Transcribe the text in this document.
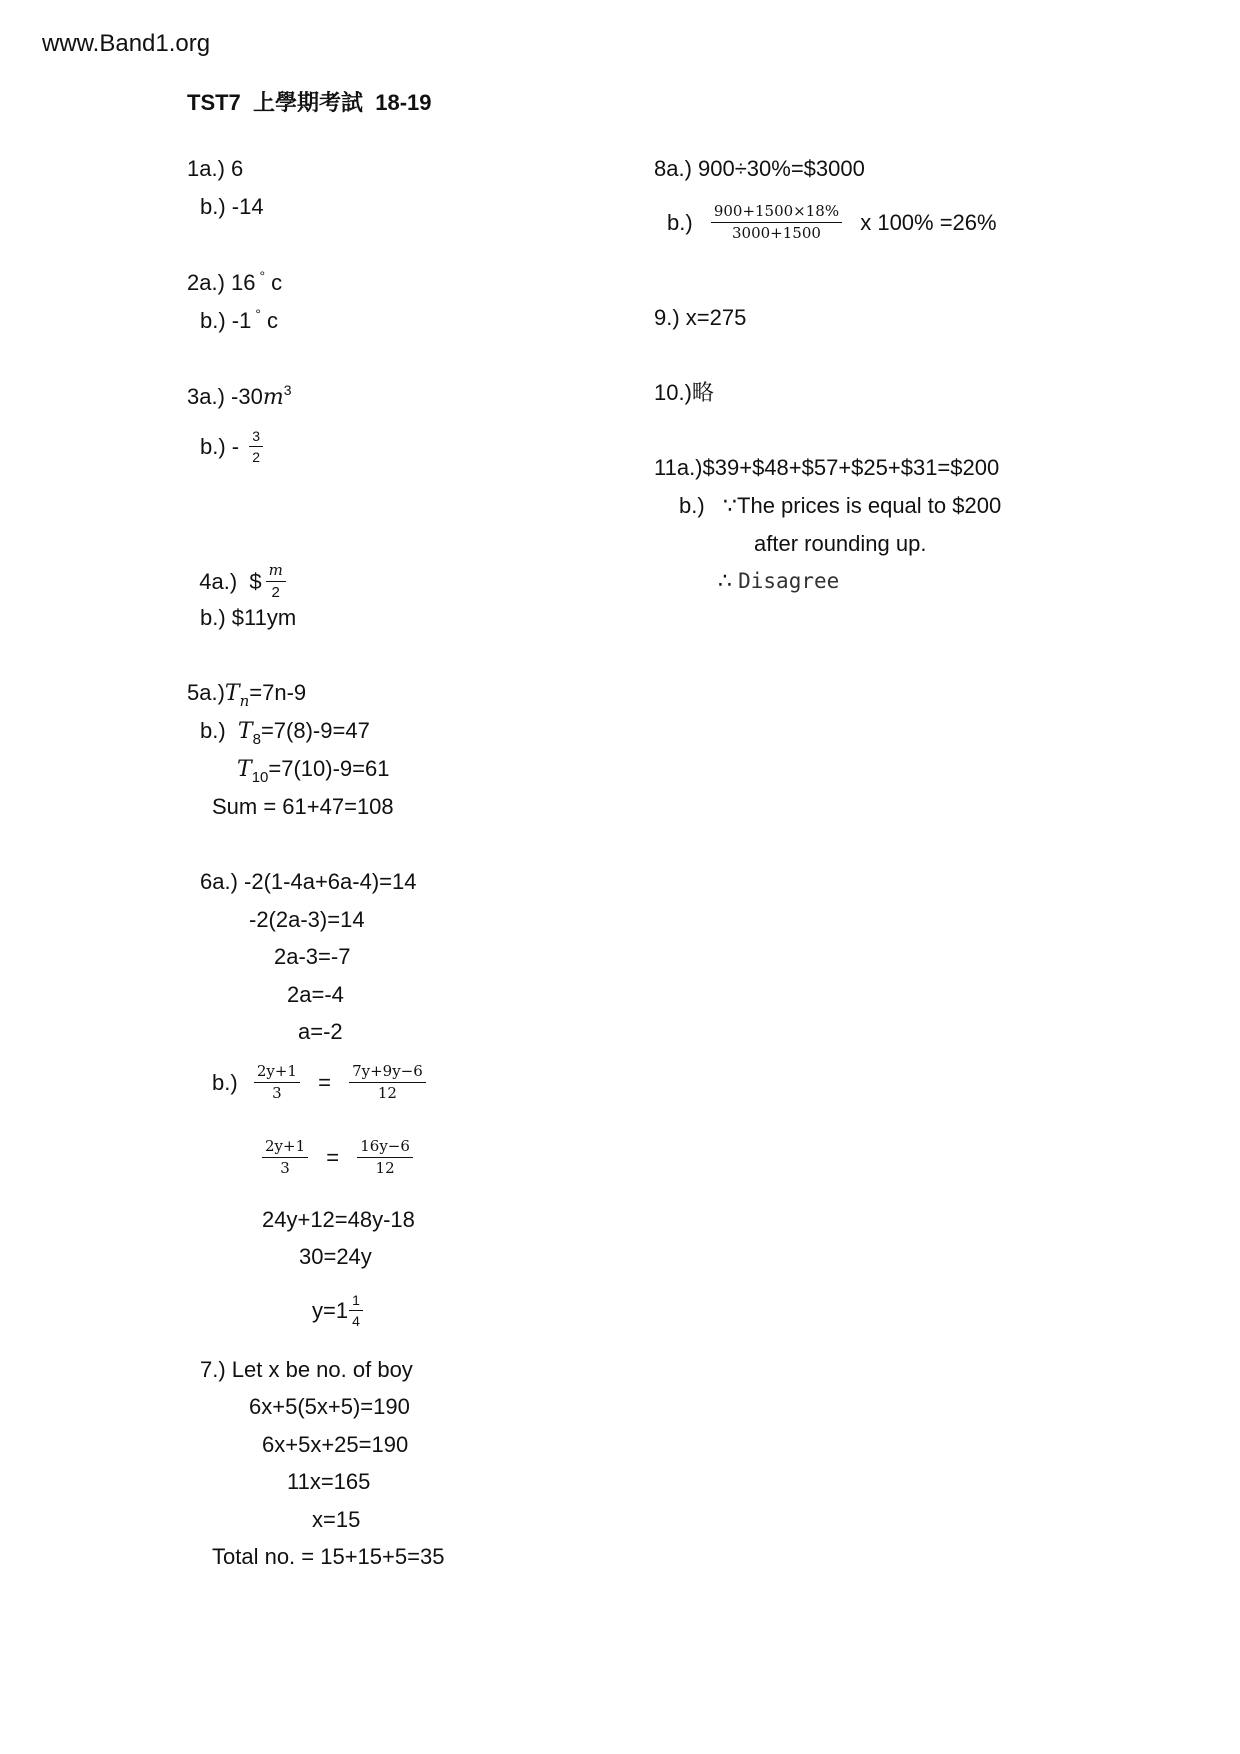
www.Band1.org
TST7  上學期考試  18-19
1a.) 6
b.) -14
2a.) 16 ° c
b.) -1 ° c
3a.) $-30m^3$
$b.) - \frac{3}{2}$

4a.)  $ $\frac{m}{2}$

b.) $11ym
$5a.)T_n=7n-9$
b.) $T_8=7(8)-9=47$
$T_{10}=7(10)-9=61$
Sum = 61+47=108
6a.) -2(1-4a+6a-4)=14
-2(2a-3)=14
2a-3=-7
2a=-4
a=-2
$b.) \frac{2y+1}{3} = \frac{7y+9y-6}{12}$
$\frac{2y+1}{3} = \frac{16y-6}{12}$
24y+12=48y-18
30=24y
$y=1 \frac{1}{4}$
7.) Let x be no. of boy
6x+5(5x+5)=190
6x+5x+25=190
11x=165
x=15
Total no. = 15+15+5=35
8a.) 900÷30%=$3000
$b.) \frac{900+1500\times 18\%}{3000+1500}$ x 100% =26%
9.) x=275
10.)略
11a.)$39+$48+$57+$25+$31=$200
b.) ∵The prices is equal to $200
after rounding up.
∴ Disagree
